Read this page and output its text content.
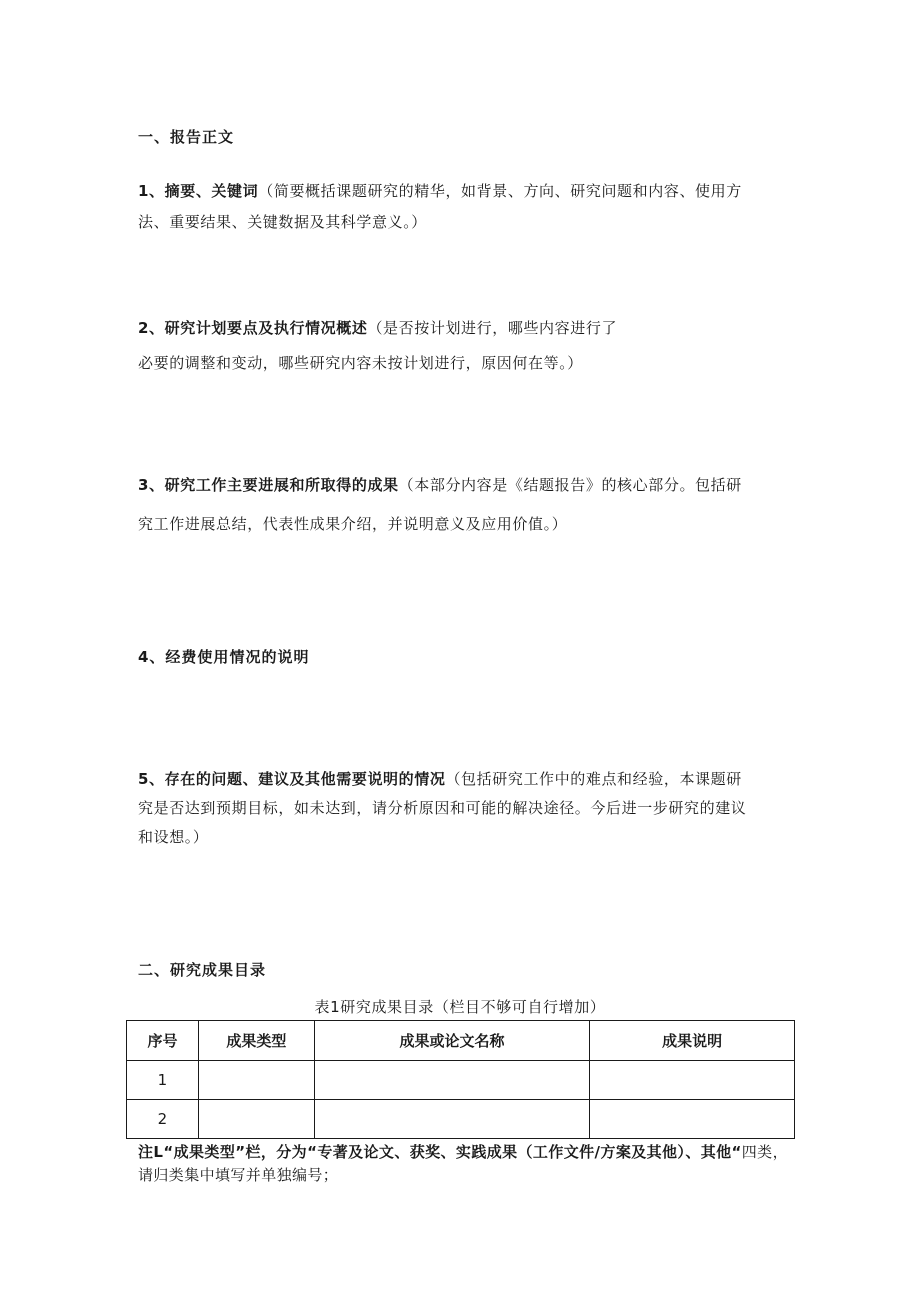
一、报告正文
1、摘要、关键词（简要概括课题研究的精华，如背景、方向、研究问题和内容、使用方
法、重要结果、关键数据及其科学意义。）
2、研究计划要点及执行情况概述（是否按计划进行，哪些内容进行了
必要的调整和变动，哪些研究内容未按计划进行，原因何在等。）
3、研究工作主要进展和所取得的成果（本部分内容是《结题报告》的核心部分。包括研
究工作进展总结，代表性成果介绍，并说明意义及应用价值。）
4、经费使用情况的说明
5、存在的问题、建议及其他需要说明的情况（包括研究工作中的难点和经验，本课题研
究是否达到预期目标，如未达到，请分析原因和可能的解决途径。今后进一步研究的建议
和设想。）
二、研究成果目录
表1研究成果目录（栏目不够可自行增加）
序号	成果类型	成果或论文名称	成果说明
1			
2			
注L“成果类型”栏，分为“专著及论文、获奖、实践成果（工作文件/方案及其他）、其他“四类，请归类集中填写并单独编号；
